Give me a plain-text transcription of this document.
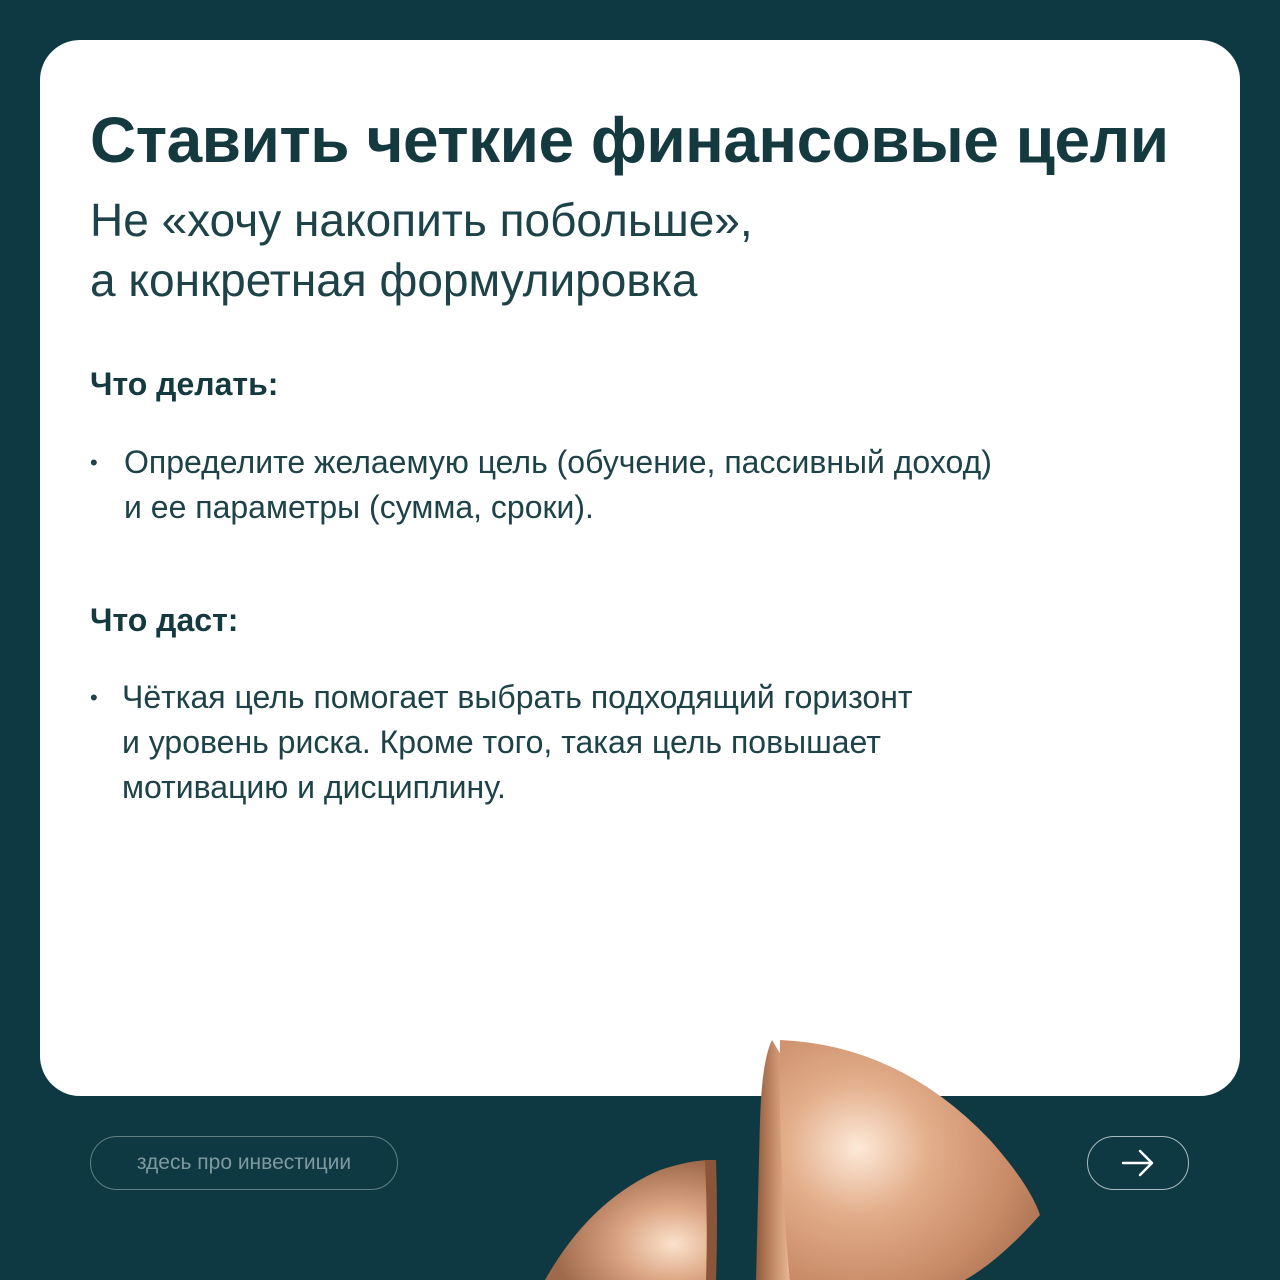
Ставить четкие финансовые цели

Не «хочу накопить побольше»,
а конкретная формулировка

Что делать:
• Определите желаемую цель (обучение, пассивный доход)
и ее параметры (сумма, сроки).
Что даст:
• Чёткая цель помогает выбрать подходящий горизонт
и уровень риска. Кроме того, такая цель повышает
мотивацию и дисциплину.
здесь про инвестиции
